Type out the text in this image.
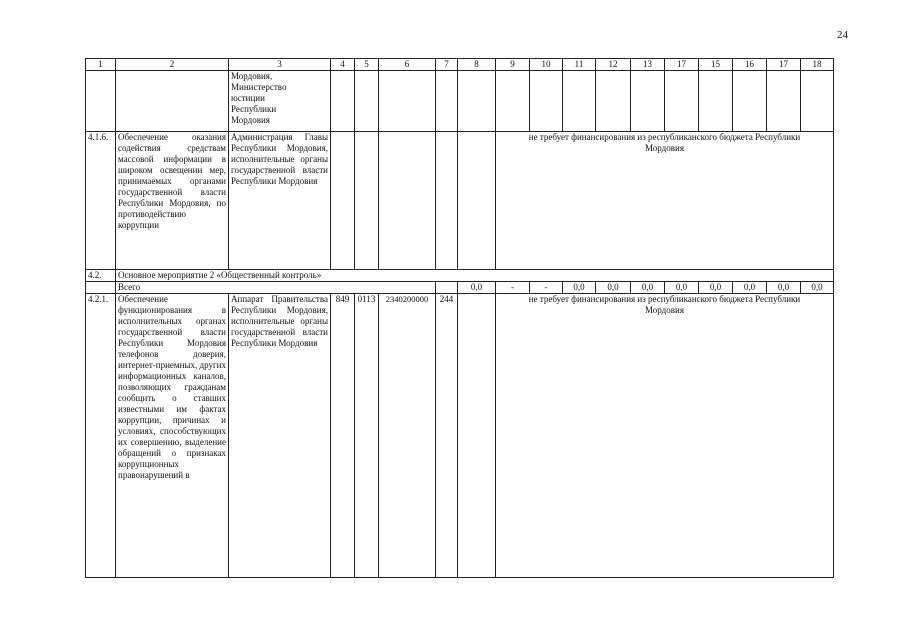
24
1	2	3	4	5	6	7	8	9	10	11	12	13	17	15	16	17	18
		Мордовия,
Министерство
юстиции
Республики
Мордовия															
4.1.6.	Обеспечение оказания содействия средствам массовой информации в широком освещении мер, принимаемых органами государственной власти Республики Мордовия, по противодействию коррупции	Администрация Главы Республики Мордовия, исполнительные органы государственной власти Республики Мордовия						не требует финансирования из республиканского бюджета Республики Мордовия									
4.2.	Основное мероприятие 2 «Общественный контроль»																
	Всего						0,0	-	-	0,0	0,0	0,0	0,0	0,0	0,0	0,0	0,0
4.2.1.	Обеспечение функционирования в исполнительных органах государственной власти Республики Мордовия телефонов доверия, интернет-приемных, других информационных каналов, позволяющих гражданам сообщить о ставших известными им фактах коррупции, причинах и условиях, способствующих их совершению, выделение обращений о признаках коррупционных правонарушений в	Аппарат Правительства Республики Мордовия, исполнительные органы государственной власти Республики Мордовия	849	0113	2340200000	244		не требует финансирования из республиканского бюджета Республики Мордовия									
